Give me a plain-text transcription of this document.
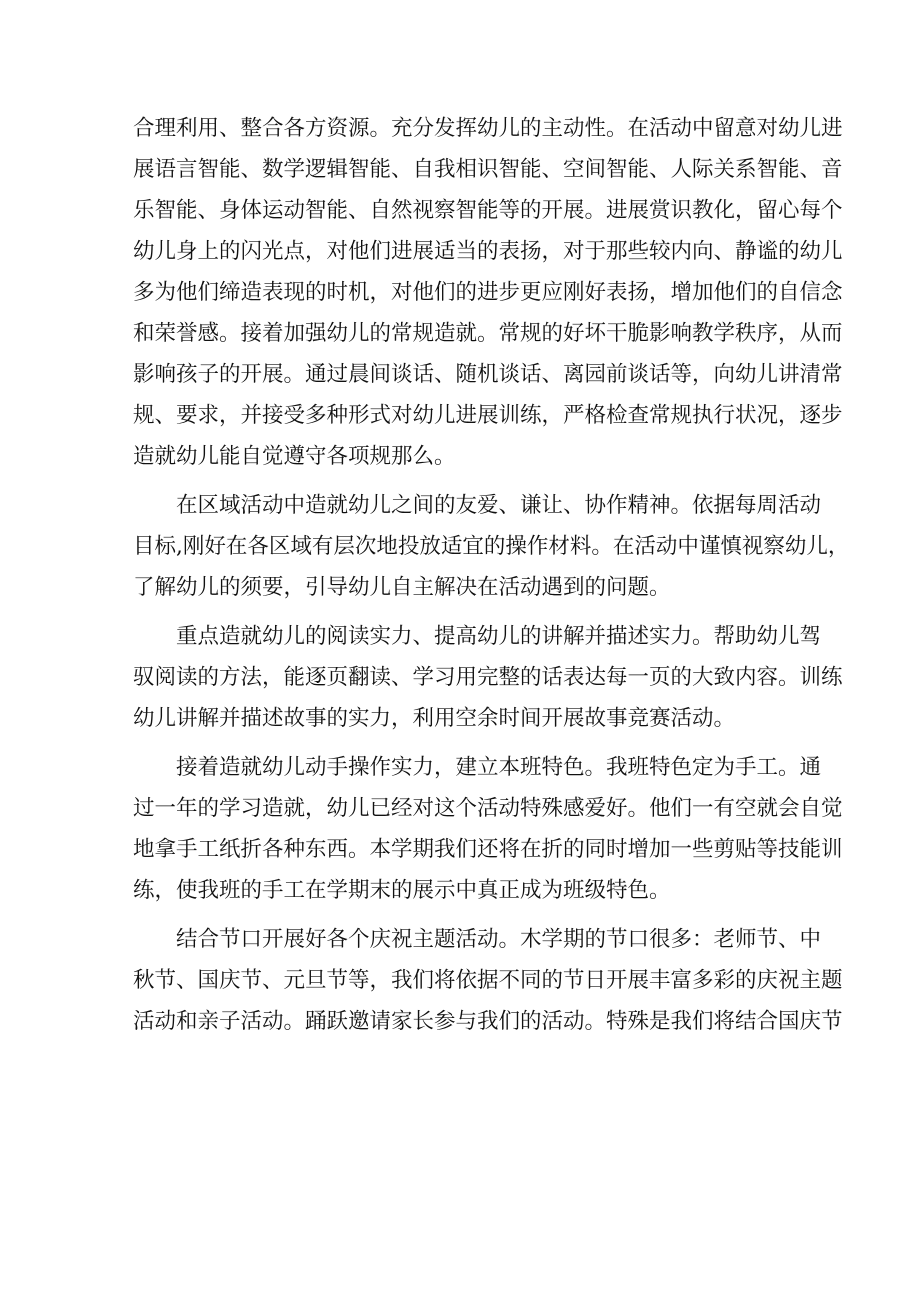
合理利用、整合各方资源。充分发挥幼儿的主动性。在活动中留意对幼儿进
展语言智能、数学逻辑智能、自我相识智能、空间智能、人际关系智能、音
乐智能、身体运动智能、自然视察智能等的开展。进展赏识教化，留心每个
幼儿身上的闪光点，对他们进展适当的表扬，对于那些较内向、静谧的幼儿
多为他们缔造表现的时机，对他们的进步更应刚好表扬，增加他们的自信念
和荣誉感。接着加强幼儿的常规造就。常规的好坏干脆影响教学秩序，从而
影响孩子的开展。通过晨间谈话、随机谈话、离园前谈话等，向幼儿讲清常
规、要求，并接受多种形式对幼儿进展训练，严格检查常规执行状况，逐步
造就幼儿能自觉遵守各项规那么。
在区域活动中造就幼儿之间的友爱、谦让、协作精神。依据每周活动
目标,刚好在各区域有层次地投放适宜的操作材料。在活动中谨慎视察幼儿，
了解幼儿的须要，引导幼儿自主解决在活动遇到的问题。
重点造就幼儿的阅读实力、提高幼儿的讲解并描述实力。帮助幼儿驾
驭阅读的方法，能逐页翻读、学习用完整的话表达每一页的大致内容。训练
幼儿讲解并描述故事的实力，利用空余时间开展故事竞赛活动。
接着造就幼儿动手操作实力，建立本班特色。我班特色定为手工。通
过一年的学习造就，幼儿已经对这个活动特殊感爱好。他们一有空就会自觉
地拿手工纸折各种东西。本学期我们还将在折的同时增加一些剪贴等技能训
练，使我班的手工在学期末的展示中真正成为班级特色。
结合节口开展好各个庆祝主题活动。木学期的节口很多：老师节、中
秋节、国庆节、元旦节等，我们将依据不同的节日开展丰富多彩的庆祝主题
活动和亲子活动。踊跃邀请家长参与我们的活动。特殊是我们将结合国庆节
